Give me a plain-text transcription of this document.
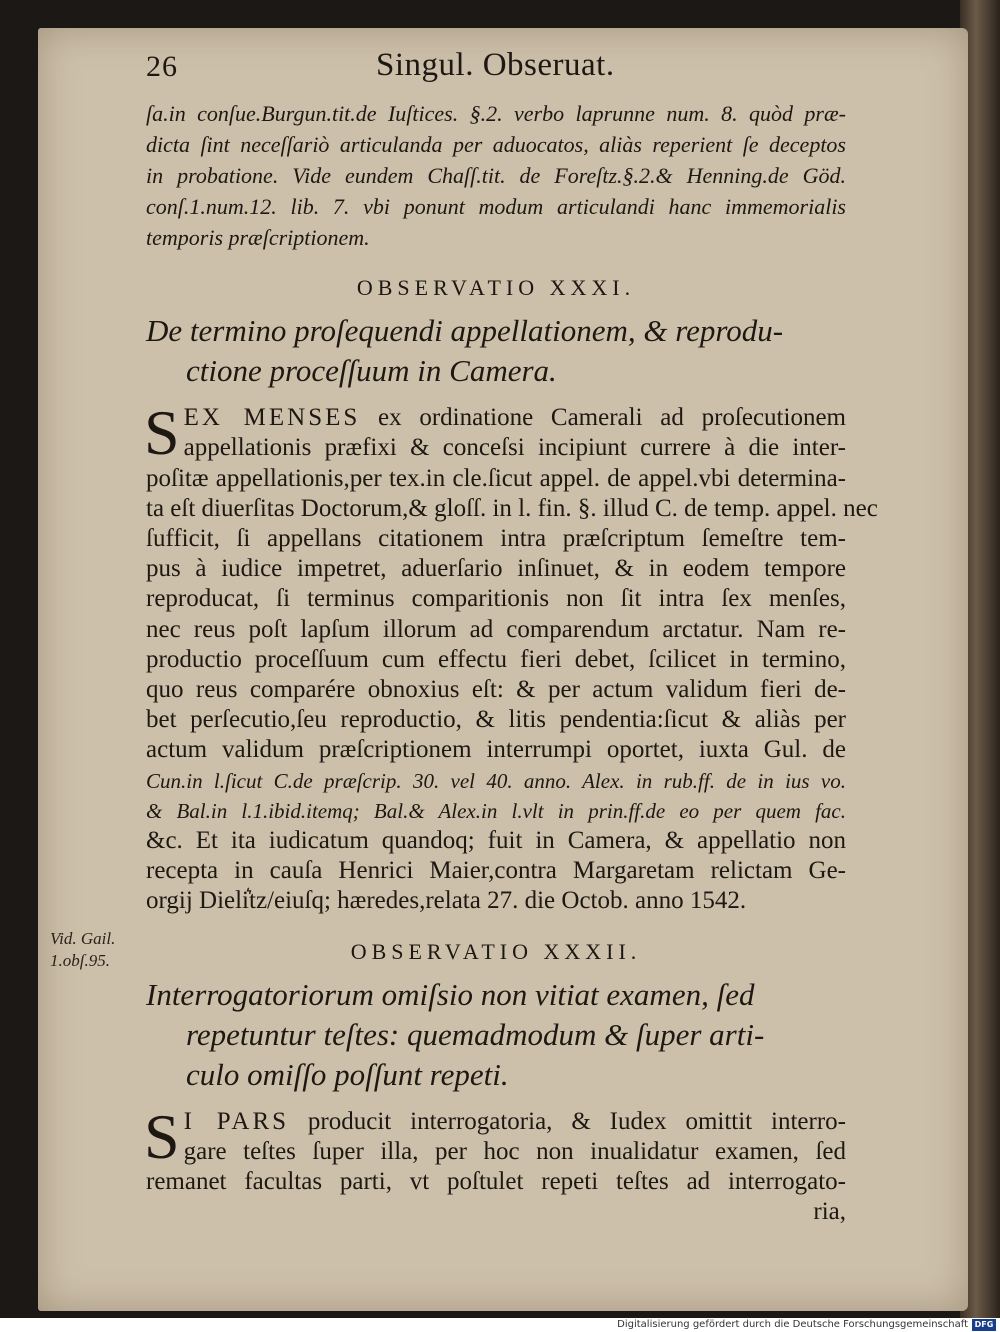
26	Singul. Obseruat.
ſa.in conſue.Burgun.tit.de Iuſtices. §.2. verbo laprunne num. 8. quòd præ-
dicta ſint neceſſariò articulanda per aduocatos, aliàs reperient ſe deceptos
in probatione. Vide eundem Chaſſ.tit. de Foreſtz.§.2.& Henning.de Göd.
conſ.1.num.12. lib. 7. vbi ponunt modum articulandi hanc immemorialis
temporis præſcriptionem.
OBSERVATIO XXXI.
De termino proſequendi appellationem, & reprodu-
ctione proceſſuum in Camera.
S EX MENSES ex ordinatione Camerali ad proſecutionem
appellationis præfixi & conceſsi incipiunt currere à die inter-
poſitæ appellationis,per tex.in cle.ſicut appel. de appel.vbi determina-
ta eſt diuerſitas Doctorum,& gloſſ. in l. fin. §. illud C. de temp. appel. nec
ſufficit, ſi appellans citationem intra præſcriptum ſemeſtre tem-
pus à iudice impetret, aduerſario inſinuet, & in eodem tempore
reproducat, ſi terminus comparitionis non ſit intra ſex menſes,
nec reus poſt lapſum illorum ad comparendum arctatur. Nam re-
productio proceſſuum cum effectu fieri debet, ſcilicet in termino,
quo reus comparére obnoxius eſt: & per actum validum fieri de-
bet perſecutio,ſeu reproductio, & litis pendentia:ſicut & aliàs per
actum validum præſcriptionem interrumpi oportet, iuxta Gul. de
Cun.in l.ſicut C.de præſcrip. 30. vel 40. anno. Alex. in rub.ff. de in ius vo.
& Bal.in l.1.ibid.itemq; Bal.& Alex.in l.vlt in prin.ff.de eo per quem fac.
&c. Et ita iudicatum quandoq; fuit in Camera, & appellatio non
recepta in cauſa Henrici Maier,contra Margaretam relictam Ge-
orgij Dieli͛tz/eiuſq; hæredes,relata 27. die Octob. anno 1542.
OBSERVATIO XXXII.
Interrogatoriorum omiſsio non vitiat examen, ſed
repetuntur teſtes: quemadmodum & ſuper arti-
culo omiſſo poſſunt repeti.
S I PARS producit interrogatoria, & Iudex omittit interro-
gare teſtes ſuper illa, per hoc non inualidatur examen, ſed
remanet facultas parti, vt poſtulet repeti teſtes ad interrogato-
ria,
Vid. Gail.
1.obſ.95.
Digitalisierung gefördert durch die Deutsche Forschungsgemeinschaft DFG
